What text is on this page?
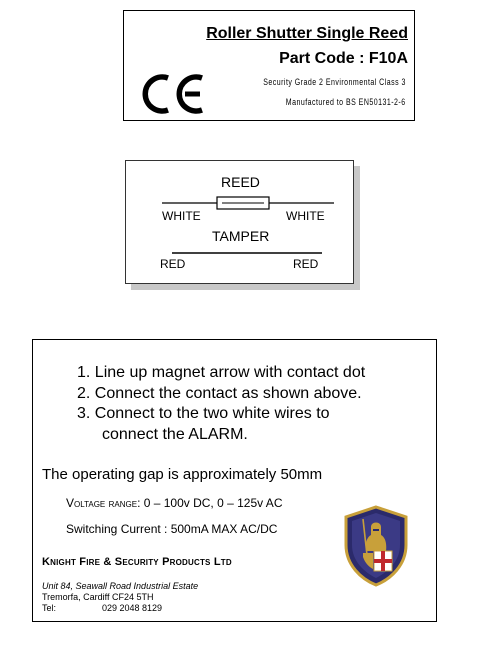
Roller Shutter Single Reed
Part Code : F10A
Security Grade 2 Environmental Class 3
Manufactured to BS EN50131-2-6
REED
WHITE	WHITE
TAMPER
RED	RED
1. Line up magnet arrow with contact dot
2. Connect the contact as shown above.
3. Connect to the two white wires to
connect the ALARM.
The operating gap is approximately 50mm
Voltage range: 0 – 100v DC, 0 – 125v AC
Switching Current : 500mA MAX AC/DC
Knight Fire & Security Products Ltd
Unit 84, Seawall Road Industrial Estate
Tremorfa, Cardiff CF24 5TH
Tel:	029 2048 8129
